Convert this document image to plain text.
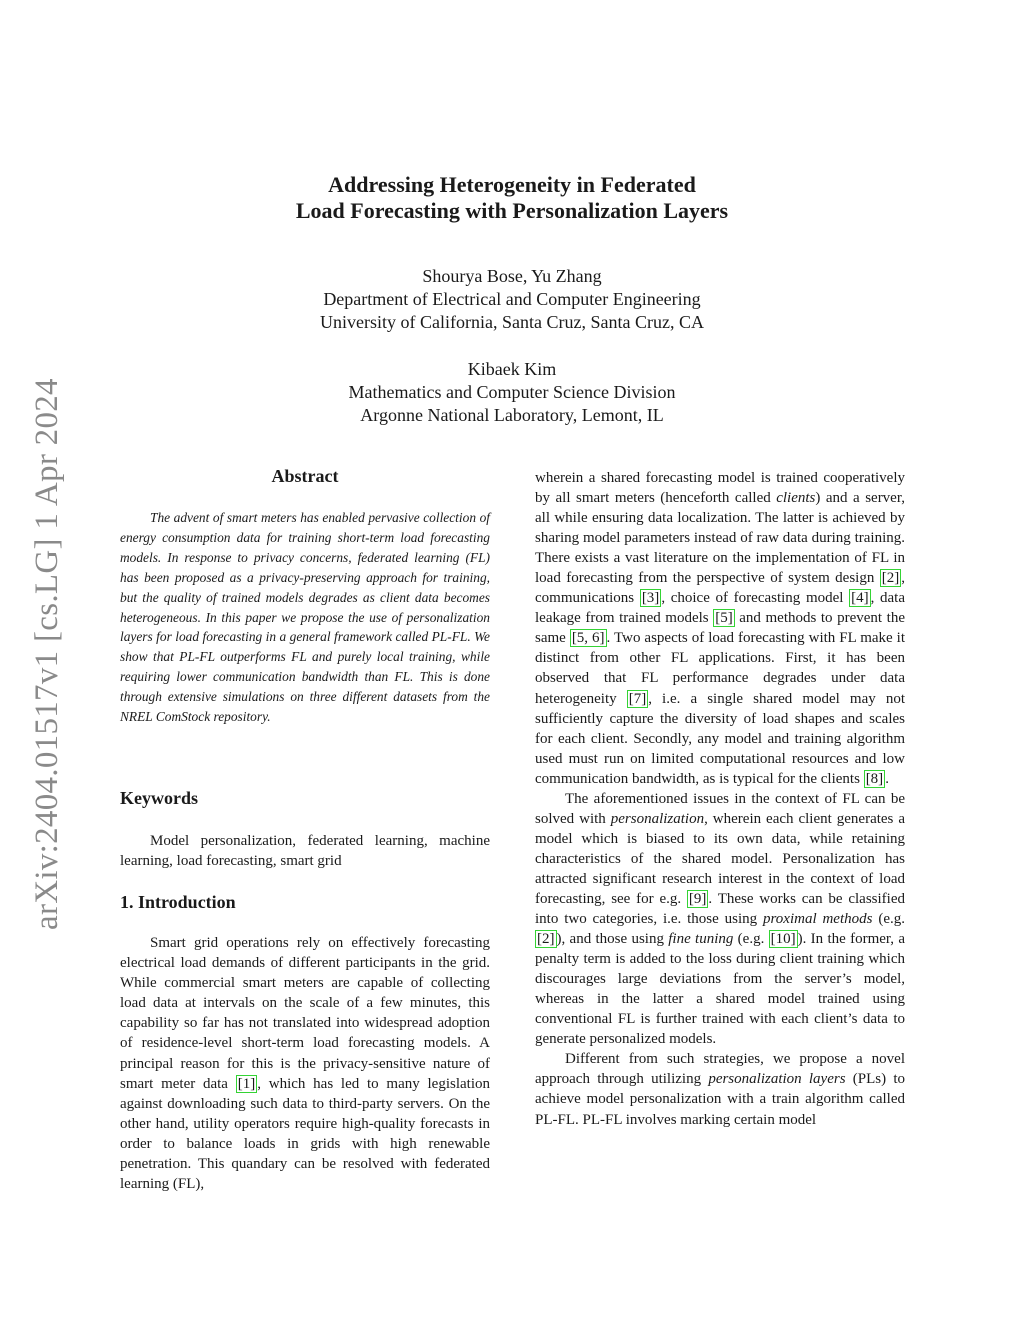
arXiv:2404.01517v1 [cs.LG] 1 Apr 2024
Addressing Heterogeneity in Federated
Load Forecasting with Personalization Layers
Shourya Bose, Yu Zhang
Department of Electrical and Computer Engineering
University of California, Santa Cruz, Santa Cruz, CA
Kibaek Kim
Mathematics and Computer Science Division
Argonne National Laboratory, Lemont, IL
Abstract

The advent of smart meters has enabled pervasive collection of energy consumption data for training short-term load forecasting models. In response to privacy concerns, federated learning (FL) has been proposed as a privacy-preserving approach for training, but the quality of trained models degrades as client data becomes heterogeneous. In this paper we propose the use of personalization layers for load forecasting in a general framework called PL-FL. We show that PL-FL outperforms FL and purely local training, while requiring lower communication bandwidth than FL. This is done through extensive simulations on three different datasets from the NREL ComStock repository.

Keywords

Model personalization, federated learning, machine learning, load forecasting, smart grid

1. Introduction

Smart grid operations rely on effectively forecasting electrical load demands of different participants in the grid. While commercial smart meters are capable of collecting load data at intervals on the scale of a few minutes, this capability so far has not translated into widespread adoption of residence-level short-term load forecasting models. A principal reason for this is the privacy-sensitive nature of smart meter data [1] , which has led to many legislation against downloading such data to third-party servers. On the other hand, utility operators require high-quality forecasts in order to balance loads in grids with high renewable penetration. This quandary can be resolved with federated learning (FL),

wherein a shared forecasting model is trained cooperatively by all smart meters (henceforth called clients) and a server, all while ensuring data localization. The latter is achieved by sharing model parameters instead of raw data during training. There exists a vast literature on the implementation of FL in load forecasting from the perspective of system design [2] , communications [3] , choice of forecasting model [4] , data leakage from trained models [5] and methods to prevent the same [5, 6] . Two aspects of load forecasting with FL make it distinct from other FL applications. First, it has been observed that FL performance degrades under data heterogeneity [7] , i.e. a single shared model may not sufficiently capture the diversity of load shapes and scales for each client. Secondly, any model and training algorithm used must run on limited computational resources and low communication bandwidth, as is typical for the clients [8] .

The aforementioned issues in the context of FL can be solved with personalization, wherein each client generates a model which is biased to its own data, while retaining characteristics of the shared model. Personalization has attracted significant research interest in the context of load forecasting, see for e.g. [9] . These works can be classified into two categories, i.e. those using proximal methods (e.g. [2] ), and those using fine tuning (e.g. [10] ). In the former, a penalty term is added to the loss during client training which discourages large deviations from the server’s model, whereas in the latter a shared model trained using conventional FL is further trained with each client’s data to generate personalized models.

Different from such strategies, we propose a novel approach through utilizing personalization layers (PLs) to achieve model personalization with a train algorithm called PL-FL. PL-FL involves marking certain model
